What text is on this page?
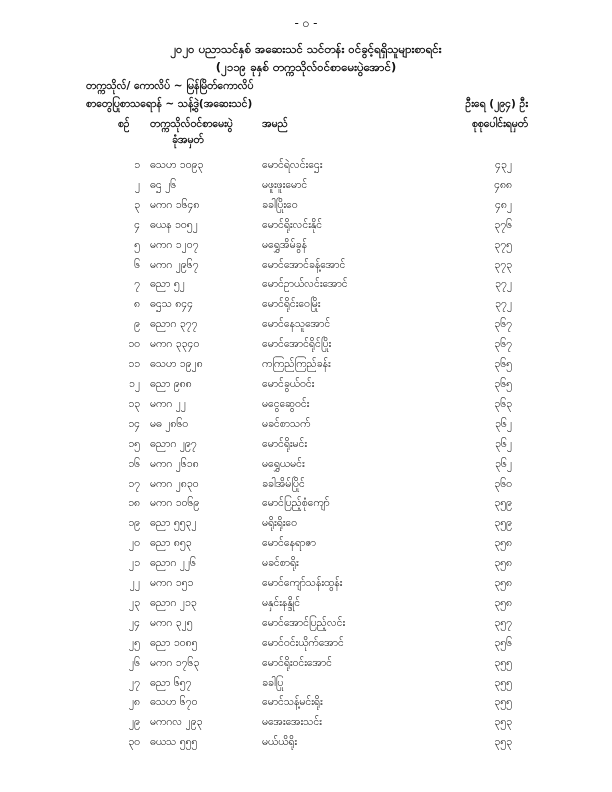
- ၀ -
၂၀၂၀ ပညာသင်နှစ် အဆေးသင် သင်တန်း ဝင်ခွင့်ရရှိသူများစာရင်း
(၂၁၁၉ ခုနှစ် တက္ကသိုလ်ဝင်စာမေးပွဲအောင်)
တက္ကသိုလ်/ ကောလိပ် ~ မြန်မြိတ်ကောလိပ်
စာတွေပြုစာသရောန် ~ သန့်ဒွဲ(အဆေးသင်)	ဦးရေ (၂၉၄) ဦး
စဉ် တက္ကသိုလ်ဝင်စာမေးပွဲ
ခုံအမှတ်
အမည်	စုစုပေါင်းရမှတ်
၁ ဓသဟ ၁၀၉၃	မောင်ရဲလင်းဌေး	၄၃၂
၂ ဓဌ ၂၆	မဖူးဖူးမောင်	၄၈၈
၃ မကဂ ၁၆၄၈	ခခါပြိုးဝေ	၄၈၂
၄ ဓယန ၁၀၅၂	မောင်ရိုးလင်းနိုင်	၃၇၆
၅ မကဂ ၁၂၀၇	မရွှေအိမ်ခွန်	၃၇၅
၆ မကဂ ၂၉၆၇	မောင်အောင်ခန့်အောင်	၃၇၃
၇ ဓညာ ၅၂	မောင်ဥာယ်လင်းအောင်	၃၇၂
၈ ဓဌသ ၈၄၄	မောင်ရိုင်းဝေမြိုး	၃၇၂
၉ ဓညာဂ ၃၇၇	မောင်နေသူအောင်	၃၆၇
၁၀ မကဂ ၃၃၄၀	မောင်အောင်ရိုင်ပြိုး	၃၆၇
၁၁ ဓသဟ ၁၉၂၈	ကကြည်ကြည်ခန်း	၃၆၅
၁၂ ဓညာ ၉၈၈	မောင်ခွယ်ဝင်း	၃၆၅
၁၃ မကဂ ၂၂	မငွေဆွေဝင်း	၃၆၃
၁၄ မဓ ၂၈၆၀	မခင်စာသက်	၃၆၂
၁၅ ဓညာဂ ၂၉၇	မောင်ရိုးမင်း	၃၆၂
၁၆ မကဂ ၂၆၁၈	မရွှေယမင်း	၃၆၂
၁၇ မကဂ ၂၈၃၀	ခခါအိမ်ပြိုင်	၃၆၀
၁၈ မကဂ ၁၀၆၉	မောင်ပြည့်စုံကျော်	၃၅၉
၁၉ ဓညာ ၅၅၃၂	မရိုးရိုးဝေ	၃၅၉
၂၀ ဓညာ ၈၅၃	မောင်နေရာဇာ	၃၅၈
၂၁ ဓညာဂ ၂၂၆	မခင်စာရိုး	၃၅၈
၂၂ မကဂ ၁၅၁	မောင်ကျော်သန်းထွန်း	၃၅၈
၂၃ ဓညာဂ ၂၁၃	မနှင်းနန္ဒိုင်	၃၅၈
၂၄ မကဂ ၃၂၅	မောင်အောင်ပြည့်လင်း	၃၅၇
၂၅ ဓညာ ၁၀၈၅	မောင်ဝင်းယိုက်အောင်	၃၅၆
၂၆ မကဂ ၁၇၆၃	မောင်ရိုးဝင်းအောင်	၃၅၅
၂၇ ဓညာ ၆၅၇	ခခါပြု	၃၅၅
၂၈ ဓသဟ ၆၇၀	မောင်သန့်မင်းရိုး	၃၅၅
၂၉ မကဂလ ၂၉၃	မအေးအေးသင်း	၃၅၃
၃၀ ဓယသ ၅၅၅	မယ်ယိရိုး	၃၅၃
